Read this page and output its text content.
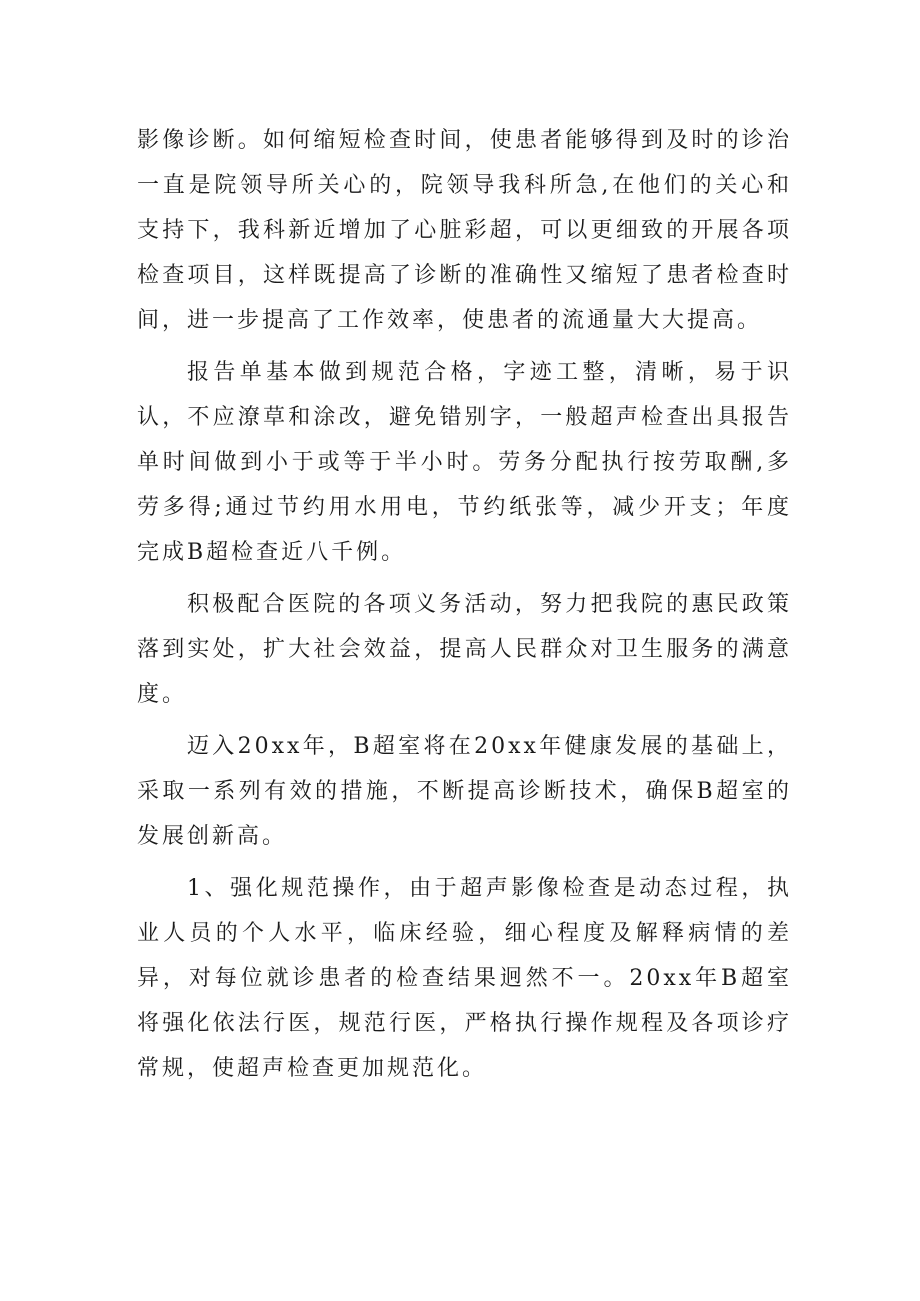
影像诊断。如何缩短检查时间，使患者能够得到及时的诊治一直是院领导所关心的，院领导我科所急,在他们的关心和支持下，我科新近增加了心脏彩超，可以更细致的开展各项检查项目，这样既提高了诊断的准确性又缩短了患者检查时间，进一步提高了工作效率，使患者的流通量大大提高。

报告单基本做到规范合格，字迹工整，清晰，易于识认，不应潦草和涂改，避免错别字，一般超声检查出具报告单时间做到小于或等于半小时。劳务分配执行按劳取酬,多劳多得;通过节约用水用电，节约纸张等，减少开支；年度完成B超检查近八千例。

积极配合医院的各项义务活动，努力把我院的惠民政策落到实处，扩大社会效益，提高人民群众对卫生服务的满意度。

迈入20xx年，B超室将在20xx年健康发展的基础上，采取一系列有效的措施，不断提高诊断技术，确保B超室的发展创新高。

1、强化规范操作，由于超声影像检查是动态过程，执业人员的个人水平，临床经验，细心程度及解释病情的差异，对每位就诊患者的检查结果迥然不一。20xx年B超室将强化依法行医，规范行医，严格执行操作规程及各项诊疗常规，使超声检查更加规范化。
